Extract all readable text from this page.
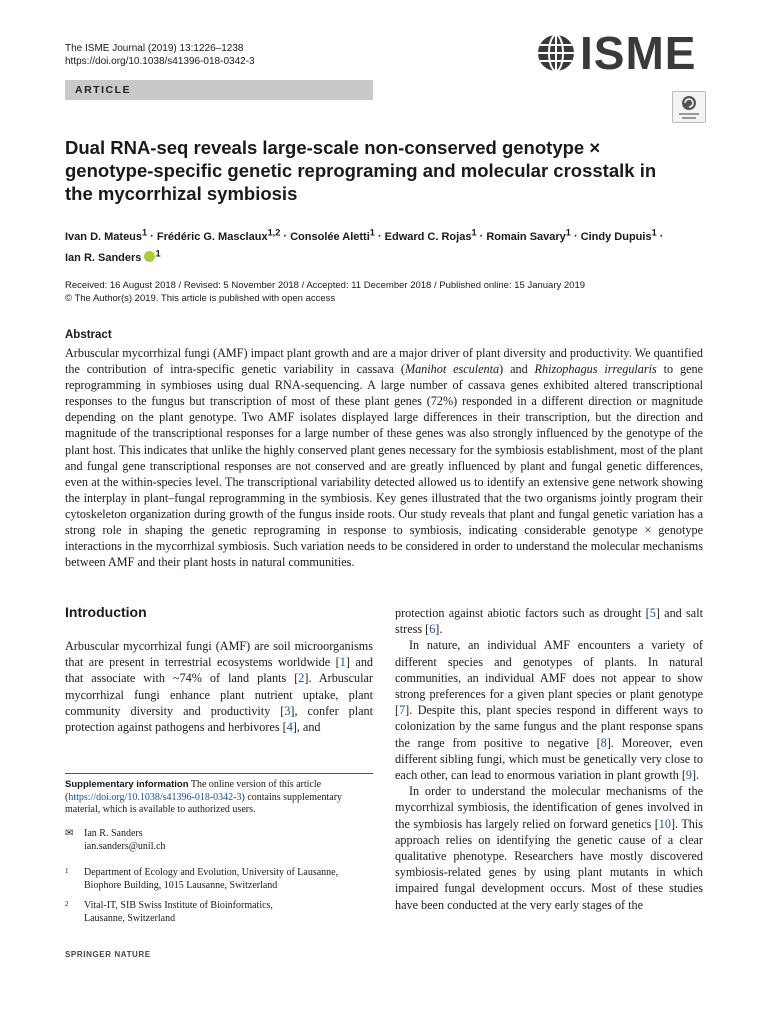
The ISME Journal (2019) 13:1226–1238
https://doi.org/10.1038/s41396-018-0342-3	ISME
ARTICLE
Dual RNA-seq reveals large-scale non-conserved genotype × genotype-specific genetic reprograming and molecular crosstalk in the mycorrhizal symbiosis
Ivan D. Mateus$^1$ · Frédéric G. Masclaux$^{1,2}$ · Consolée Aletti$^1$ · Edward C. Rojas$^1$ · Romain Savary$^1$ · Cindy Dupuis$^1$ ·
Ian R. Sanders $^1$
Received: 16 August 2018 / Revised: 5 November 2018 / Accepted: 11 December 2018 / Published online: 15 January 2019
© The Author(s) 2019. This article is published with open access
Abstract

Arbuscular mycorrhizal fungi (AMF) impact plant growth and are a major driver of plant diversity and productivity. We quantified the contribution of intra-specific genetic variability in cassava (Manihot esculenta) and Rhizophagus irregularis to gene reprogramming in symbioses using dual RNA-sequencing. A large number of cassava genes exhibited altered transcriptional responses to the fungus but transcription of most of these plant genes (72%) responded in a different direction or magnitude depending on the plant genotype. Two AMF isolates displayed large differences in their transcription, but the direction and magnitude of the transcriptional responses for a large number of these genes was also strongly influenced by the genotype of the plant host. This indicates that unlike the highly conserved plant genes necessary for the symbiosis establishment, most of the plant and fungal gene transcriptional responses are not conserved and are greatly influenced by plant and fungal genetic differences, even at the within-species level. The transcriptional variability detected allowed us to identify an extensive gene network showing the interplay in plant–fungal reprogramming in the symbiosis. Key genes illustrated that the two organisms jointly program their cytoskeleton organization during growth of the fungus inside roots. Our study reveals that plant and fungal genetic variation has a strong role in shaping the genetic reprograming in response to symbiosis, indicating considerable genotype × genotype interactions in the mycorrhizal symbiosis. Such variation needs to be considered in order to understand the molecular mechanisms between AMF and their plant hosts in natural communities.

Introduction

Arbuscular mycorrhizal fungi (AMF) are soil microorganisms that are present in terrestrial ecosystems worldwide [1] and that associate with ~74% of land plants [2]. Arbuscular mycorrhizal fungi enhance plant nutrient uptake, plant community diversity and productivity [3], confer plant protection against pathogens and herbivores [4], and

protection against abiotic factors such as drought [5] and salt stress [6].

In nature, an individual AMF encounters a variety of different species and genotypes of plants. In natural communities, an individual AMF does not appear to show strong preferences for a given plant species or plant genotype [7]. Despite this, plant species respond in different ways to colonization by the same fungus and the plant response spans the range from positive to negative [8]. Moreover, even different sibling fungi, which must be genetically very close to each other, can lead to enormous variation in plant growth [9].

In order to understand the molecular mechanisms of the mycorrhizal symbiosis, the identification of genes involved in the symbiosis has largely relied on forward genetics [10]. This approach relies on identifying the genetic cause of a clear qualitative phenotype. Researchers have mostly discovered symbiosis-related genes by using plant mutants in which impaired fungal development occurs. Most of these studies have been conducted at the very early stages of the

Supplementary information The online version of this article (https://doi.org/10.1038/s41396-018-0342-3) contains supplementary material, which is available to authorized users.

✉	Ian R. Sanders
ian.sanders@unil.ch
1	Department of Ecology and Evolution, University of Lausanne,
Biophore Building, 1015 Lausanne, Switzerland
2	Vital-IT, SIB Swiss Institute of Bioinformatics,
Lausanne, Switzerland
SPRINGER NATURE
